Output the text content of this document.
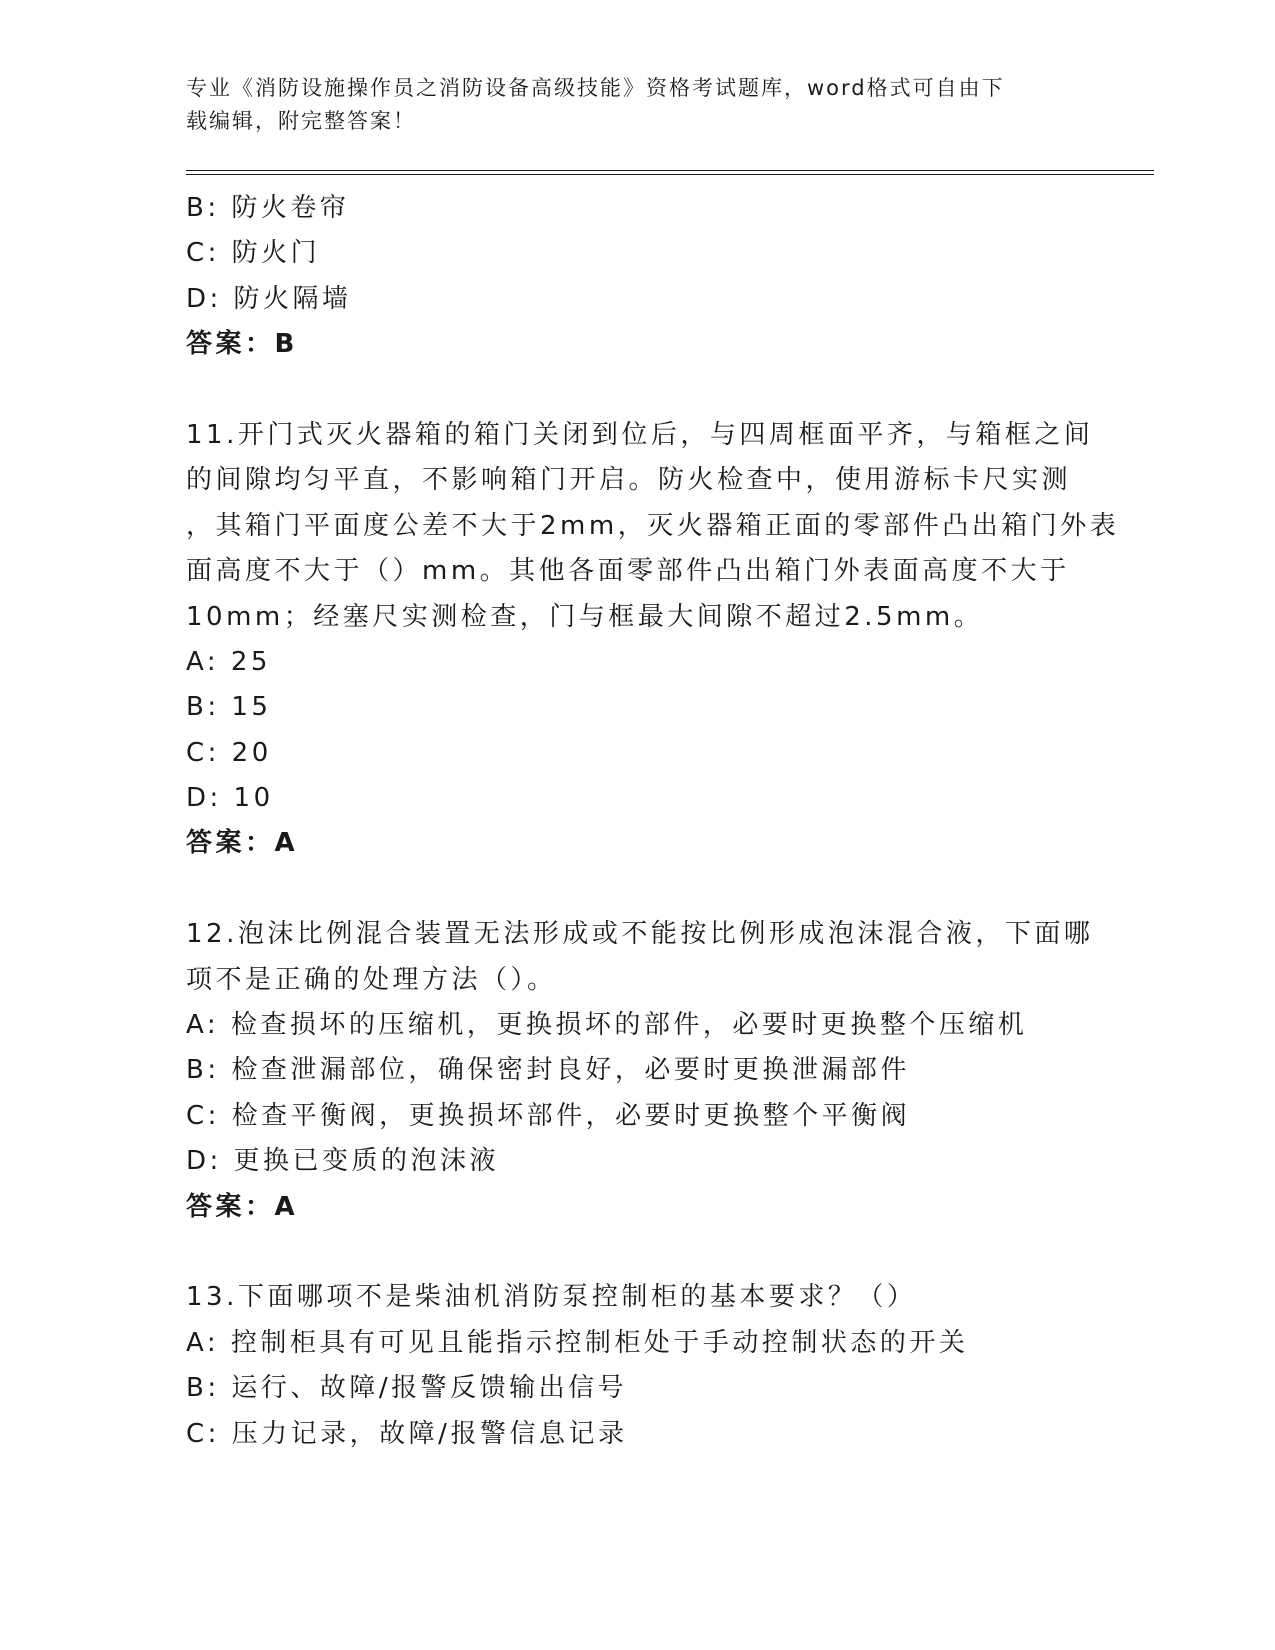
专业《消防设施操作员之消防设备高级技能》资格考试题库，word格式可自由下
载编辑，附完整答案！
B: 防火卷帘
C: 防火门
D: 防火隔墙
答案：B
11.开门式灭火器箱的箱门关闭到位后，与四周框面平齐，与箱框之间
的间隙均匀平直，不影响箱门开启。防火检查中，使用游标卡尺实测
，其箱门平面度公差不大于2mm，灭火器箱正面的零部件凸出箱门外表
面高度不大于（）mm。其他各面零部件凸出箱门外表面高度不大于
10mm；经塞尺实测检查，门与框最大间隙不超过2.5mm。
A: 25
B: 15
C: 20
D: 10
答案：A
12.泡沫比例混合装置无法形成或不能按比例形成泡沫混合液，下面哪
项不是正确的处理方法（）。
A: 检查损坏的压缩机，更换损坏的部件，必要时更换整个压缩机
B: 检查泄漏部位，确保密封良好，必要时更换泄漏部件
C: 检查平衡阀，更换损坏部件，必要时更换整个平衡阀
D: 更换已变质的泡沫液
答案：A
13.下面哪项不是柴油机消防泵控制柜的基本要求？（）
A: 控制柜具有可见且能指示控制柜处于手动控制状态的开关
B: 运行、故障/报警反馈输出信号
C: 压力记录，故障/报警信息记录
